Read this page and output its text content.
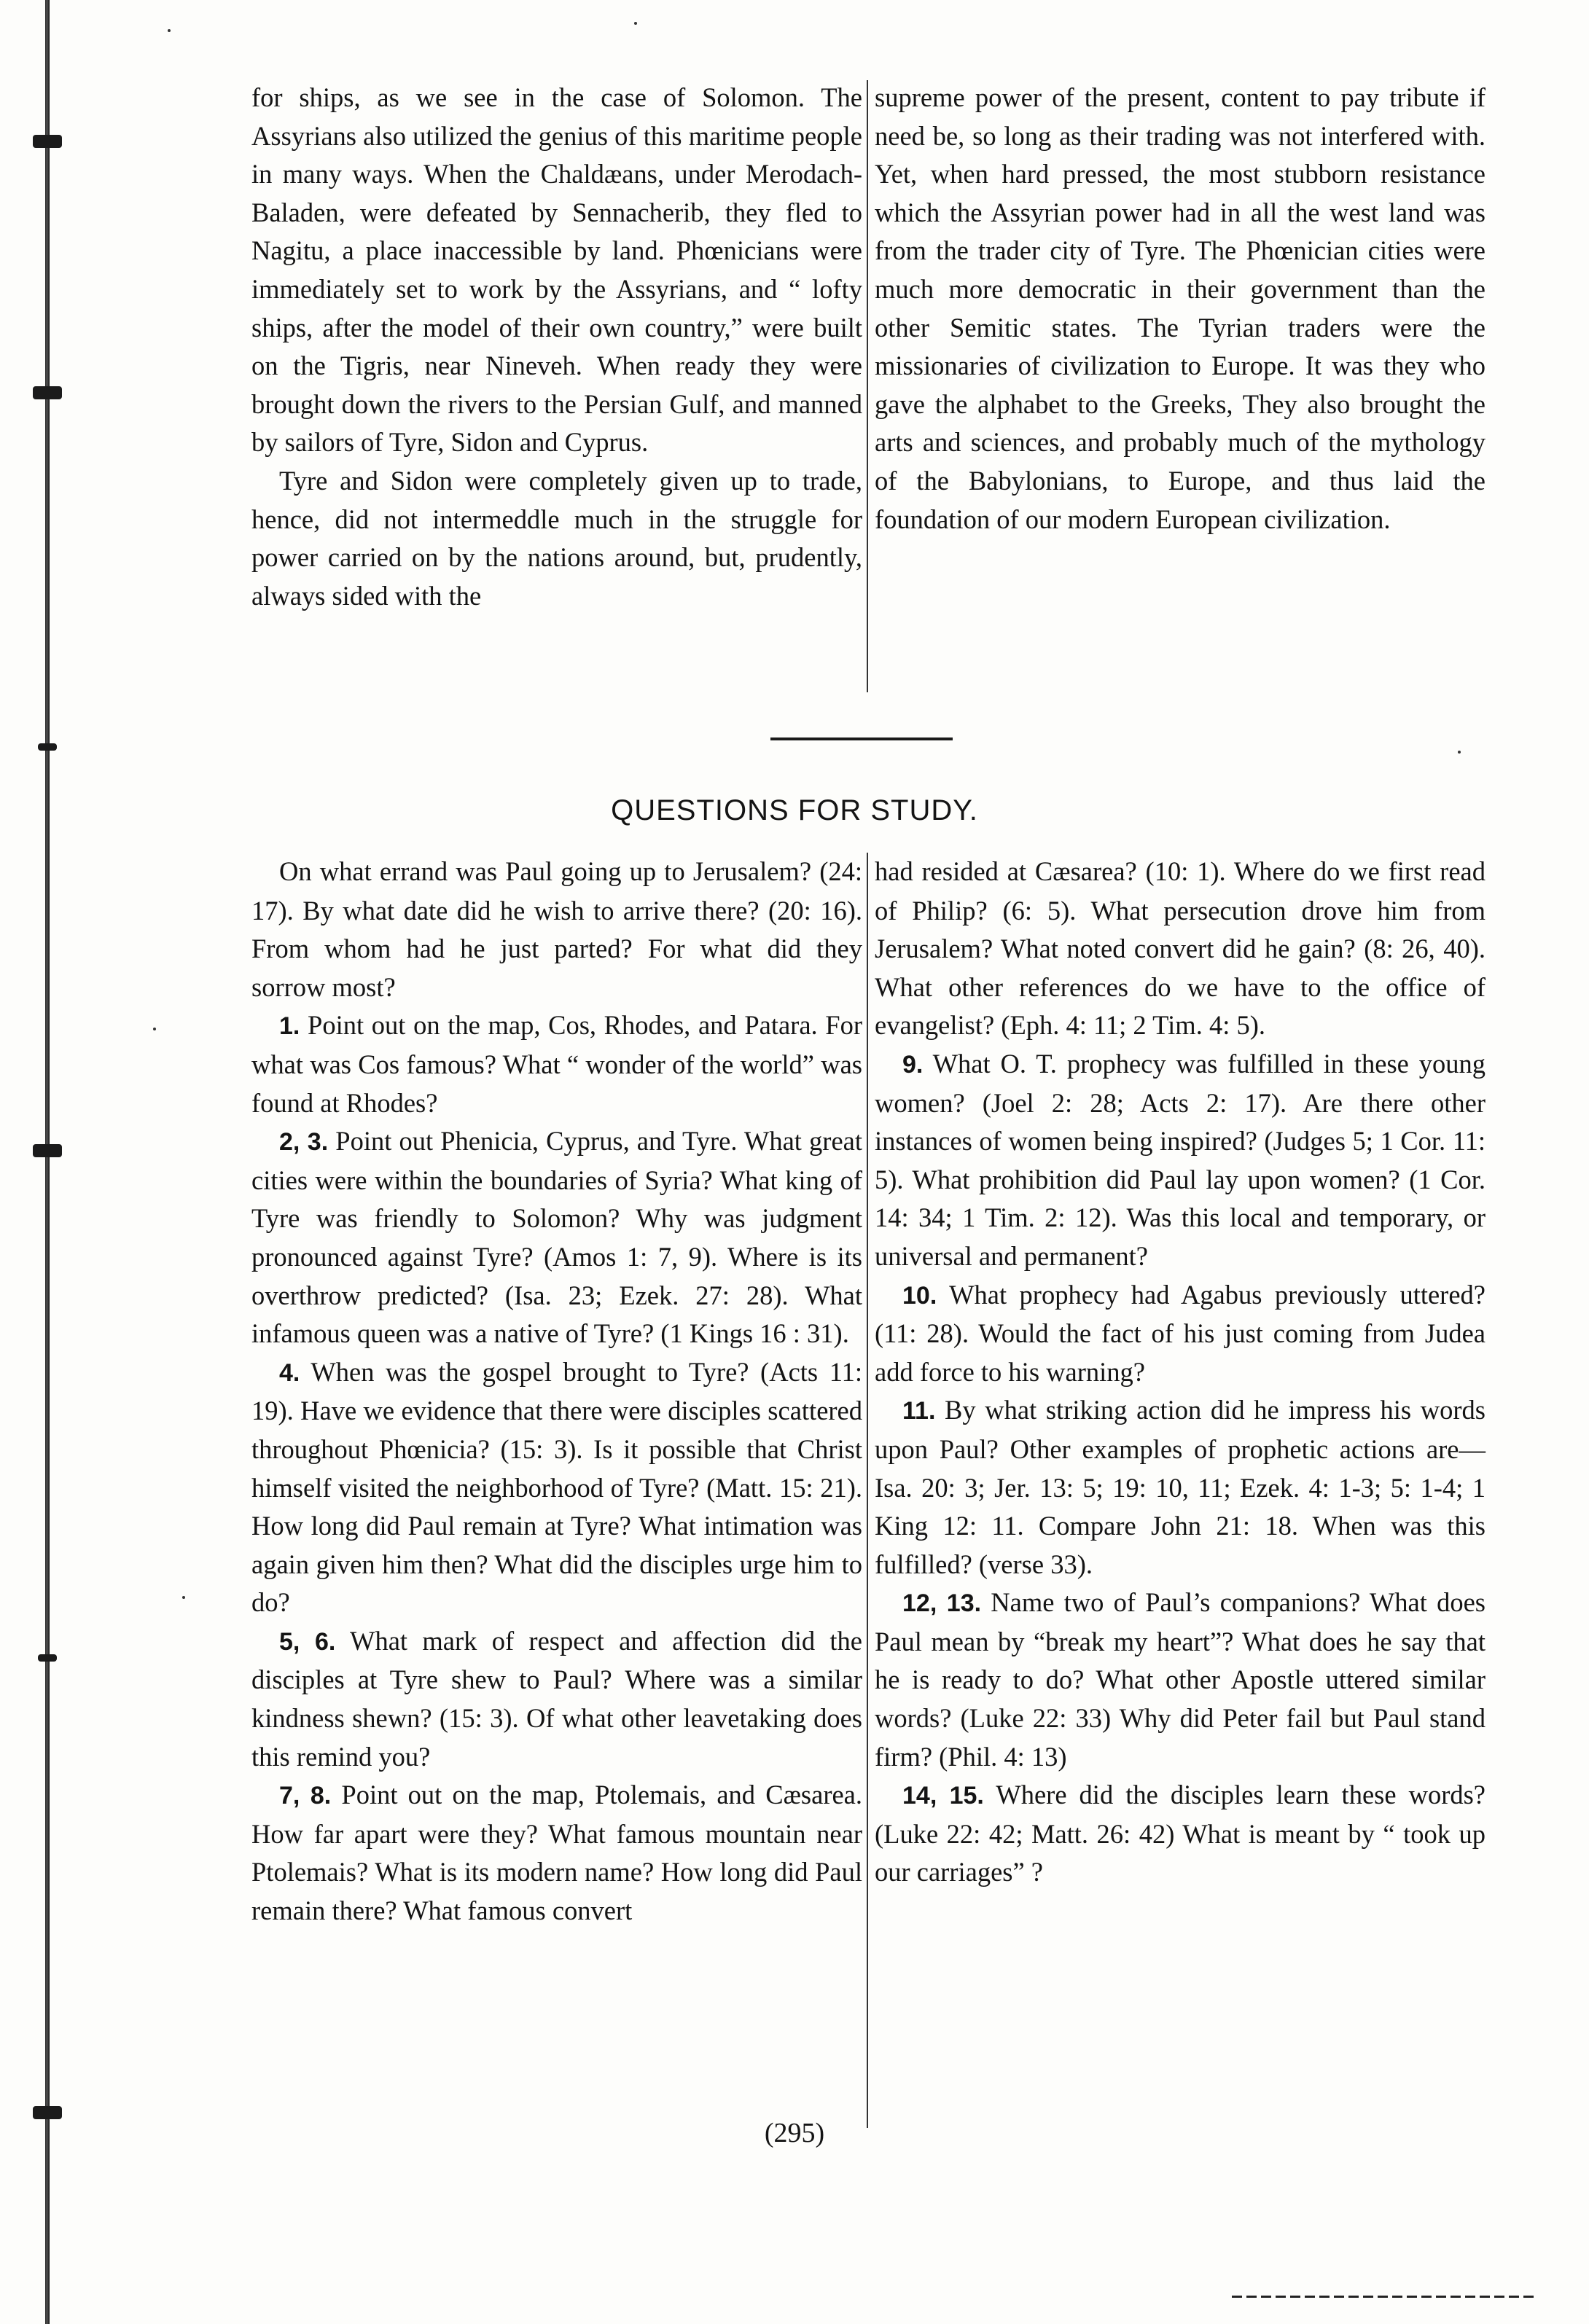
for ships, as we see in the case of Solomon. The Assyrians also utilized the genius of this maritime people in many ways. When the Chaldæans, under Merodach-Baladen, were defeated by Sennacherib, they fled to Nagitu, a place inaccessible by land. Phœnicians were immediately set to work by the Assyrians, and “ lofty ships, after the model of their own country,” were built on the Tigris, near Nineveh. When ready they were brought down the rivers to the Persian Gulf, and manned by sailors of Tyre, Sidon and Cyprus.

Tyre and Sidon were completely given up to trade, hence, did not intermeddle much in the struggle for power carried on by the nations around, but, prudently, always sided with the

supreme power of the present, content to pay tribute if need be, so long as their trading was not interfered with. Yet, when hard pressed, the most stubborn resistance which the Assyrian power had in all the west land was from the trader city of Tyre. The Phœnician cities were much more democratic in their government than the other Semitic states. The Tyrian traders were the missionaries of civilization to Europe. It was they who gave the alphabet to the Greeks, They also brought the arts and sciences, and probably much of the mythology of the Babylonians, to Europe, and thus laid the foundation of our modern European civilization.

QUESTIONS FOR STUDY.

On what errand was Paul going up to Jerusalem? (24: 17). By what date did he wish to arrive there? (20: 16). From whom had he just parted? For what did they sorrow most?

1. Point out on the map, Cos, Rhodes, and Patara. For what was Cos famous? What “ wonder of the world” was found at Rhodes?

2, 3. Point out Phenicia, Cyprus, and Tyre. What great cities were within the boundaries of Syria? What king of Tyre was friendly to Solomon? Why was judgment pronounced against Tyre? (Amos 1: 7, 9). Where is its overthrow predicted? (Isa. 23; Ezek. 27: 28). What infamous queen was a native of Tyre? (1 Kings 16 : 31).

4. When was the gospel brought to Tyre? (Acts 11: 19). Have we evidence that there were disciples scattered throughout Phœnicia? (15: 3). Is it possible that Christ himself visited the neighborhood of Tyre? (Matt. 15: 21). How long did Paul remain at Tyre? What intimation was again given him then? What did the disciples urge him to do?

5, 6. What mark of respect and affection did the disciples at Tyre shew to Paul? Where was a similar kindness shewn? (15: 3). Of what other leavetaking does this remind you?

7, 8. Point out on the map, Ptolemais, and Cæsarea. How far apart were they? What famous mountain near Ptolemais? What is its modern name? How long did Paul remain there? What famous convert

had resided at Cæsarea? (10: 1). Where do we first read of Philip? (6: 5). What persecution drove him from Jerusalem? What noted convert did he gain? (8: 26, 40). What other references do we have to the office of evangelist? (Eph. 4: 11; 2 Tim. 4: 5).

9. What O. T. prophecy was fulfilled in these young women? (Joel 2: 28; Acts 2: 17). Are there other instances of women being inspired? (Judges 5; 1 Cor. 11: 5). What prohibition did Paul lay upon women? (1 Cor. 14: 34; 1 Tim. 2: 12). Was this local and temporary, or universal and permanent?

10. What prophecy had Agabus previously uttered? (11: 28). Would the fact of his just coming from Judea add force to his warning?

11. By what striking action did he impress his words upon Paul? Other examples of prophetic actions are—Isa. 20: 3; Jer. 13: 5; 19: 10, 11; Ezek. 4: 1-3; 5: 1-4; 1 King 12: 11. Compare John 21: 18. When was this fulfilled? (verse 33).

12, 13. Name two of Paul’s companions? What does Paul mean by “break my heart”? What does he say that he is ready to do? What other Apostle uttered similar words? (Luke 22: 33) Why did Peter fail but Paul stand firm? (Phil. 4: 13)

14, 15. Where did the disciples learn these words? (Luke 22: 42; Matt. 26: 42) What is meant by “ took up our carriages” ?

(295)
